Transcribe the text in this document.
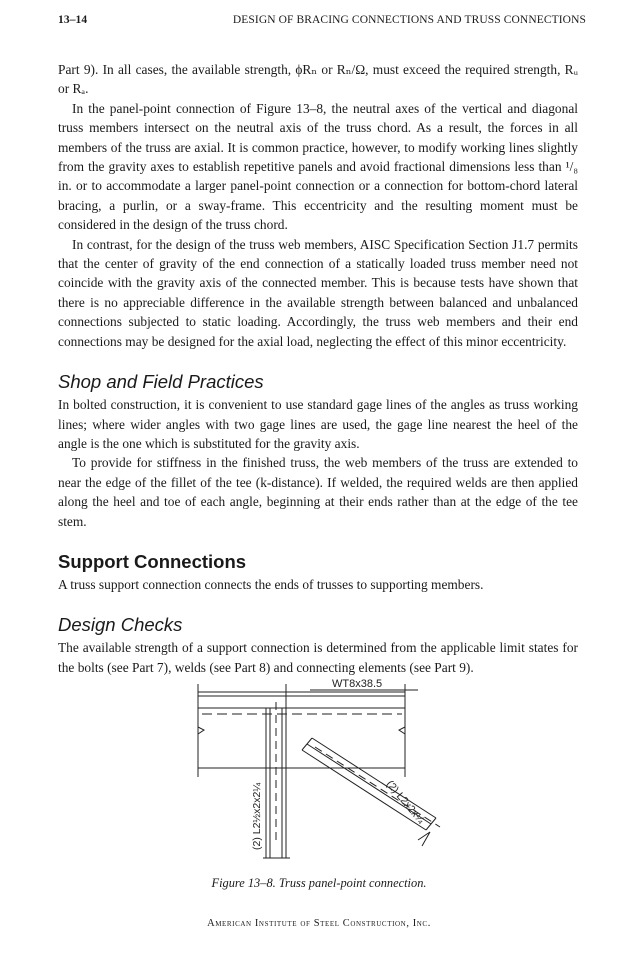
13–14	DESIGN OF BRACING CONNECTIONS AND TRUSS CONNECTIONS

Part 9). In all cases, the available strength, ϕRₙ or Rₙ/Ω, must exceed the required strength, Rᵤ or Rₐ.

In the panel-point connection of Figure 13–8, the neutral axes of the vertical and diagonal truss members intersect on the neutral axis of the truss chord. As a result, the forces in all members of the truss are axial. It is common practice, however, to modify working lines slightly from the gravity axes to establish repetitive panels and avoid fractional dimensions less than ¹/₈ in. or to accommodate a larger panel-point connection or a connection for bottom-chord lateral bracing, a purlin, or a sway-frame. This eccentricity and the resulting moment must be considered in the design of the truss chord.

In contrast, for the design of the truss web members, AISC Specification Section J1.7 permits that the center of gravity of the end connection of a statically loaded truss member need not coincide with the gravity axis of the connected member. This is because tests have shown that there is no appreciable difference in the available strength between balanced and unbalanced connections subjected to static loading. Accordingly, the truss web members and their end connections may be designed for the axial load, neglecting the effect of this minor eccentricity.

Shop and Field Practices

In bolted construction, it is convenient to use standard gage lines of the angles as truss working lines; where wider angles with two gage lines are used, the gage line nearest the heel of the angle is the one which is substituted for the gravity axis.

To provide for stiffness in the finished truss, the web members of the truss are extended to near the edge of the fillet of the tee (k-distance). If welded, the required welds are then applied along the heel and toe of each angle, beginning at their ends rather than at the edge of the tee stem.

Support Connections

A truss support connection connects the ends of trusses to supporting members.

Design Checks

The available strength of a support connection is determined from the applicable limit states for the bolts (see Part 7), welds (see Part 8) and connecting elements (see Part 9).

WT8x38.5
(2) L2x2x¼
(2) L2½x2x2¼
Figure 13–8. Truss panel-point connection.
American Institute of Steel Construction, Inc.
